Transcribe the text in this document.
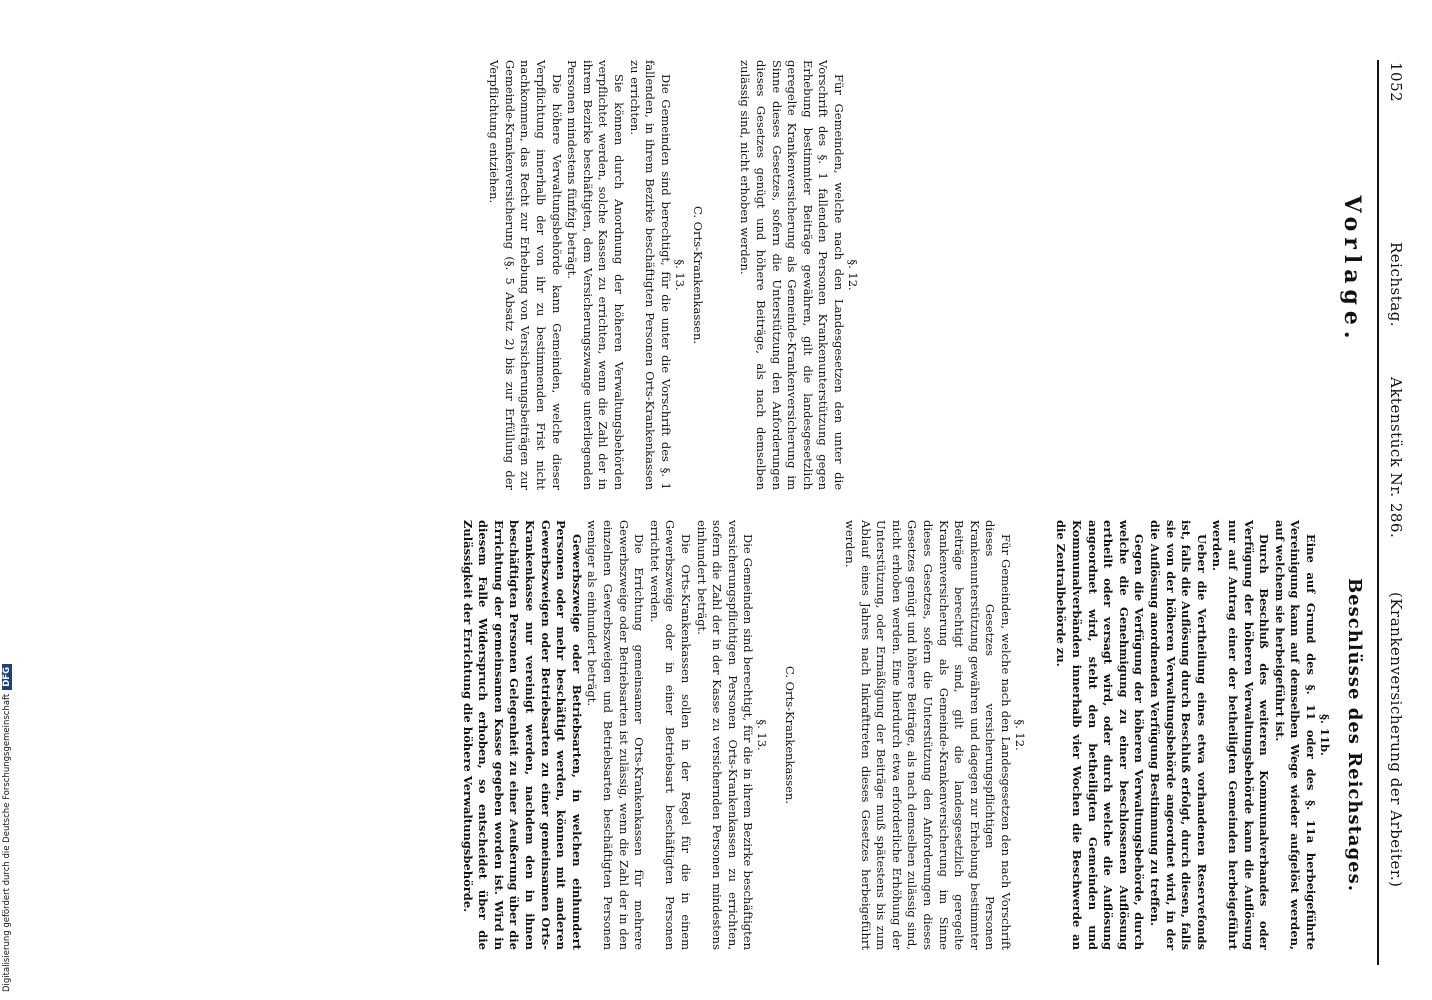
1052
Reichstag.
Aktenstück Nr. 286.
(Krankenversicherung der Arbeiter.)
Vorlage.
Beschlüsse des Reichstages.
§. 12.
Für Gemeinden, welche nach den Landesgesetzen den unter die Vorschrift des §. 1 fallenden Personen Krankenunterstützung gegen Erhebung bestimmter Beiträge gewähren, gilt die landesgesetzlich geregelte Krankenversicherung als Gemeinde-Krankenversicherung im Sinne dieses Gesetzes, sofern die Unterstützung den Anforderungen dieses Gesetzes genügt und höhere Beiträge, als nach demselben zulässig sind, nicht erhoben werden.
C. Orts-Krankenkassen.
§. 13.
Die Gemeinden sind berechtigt, für die unter die Vorschrift des §. 1 fallenden, in ihrem Bezirke beschäftigten Personen Orts-Krankenkassen zu errichten.
Sie können durch Anordnung der höheren Verwaltungsbehörden verpflichtet werden, solche Kassen zu errichten, wenn die Zahl der in ihrem Bezirke beschäftigten, dem Versicherungszwange unterliegenden Personen mindestens fünfzig beträgt.
Die höhere Verwaltungsbehörde kann Gemeinden, welche dieser Verpflichtung innerhalb der von ihr zu bestimmenden Frist nicht nachkommen, das Recht zur Erhebung von Versicherungsbeiträgen zur Gemeinde-Krankenversicherung (§. 5 Absatz 2) bis zur Erfüllung der Verpflichtung entziehen.
§. 11b.
Eine auf Grund des §. 11 oder des §. 11a herbeigeführte Vereinigung kann auf demselben Wege wieder aufgelöst werden, auf welchem sie herbeigeführt ist.
Durch Beschluß des weiteren Kommunalverbandes oder Verfügung der höheren Verwaltungsbehörde kann die Auflösung nur auf Antrag einer der betheiligten Gemeinden herbeigeführt werden.
Ueber die Vertheilung eines etwa vorhandenen Reservefonds ist, falls die Auflösung durch Beschluß erfolgt, durch diesen, falls sie von der höheren Verwaltungsbehörde angeordnet wird, in der die Auflösung anordnenden Verfügung Bestimmung zu treffen.
Gegen die Verfügung der höheren Verwaltungsbehörde, durch welche die Genehmigung zu einer beschlossenen Auflösung ertheilt oder versagt wird, oder durch welche die Auflösung angeordnet wird, steht den betheiligten Gemeinden und Kommunalverbänden innerhalb vier Wochen die Beschwerde an die Zentralbehörde zu.
§. 12.
Für Gemeinden, welche nach den Landesgesetzen den nach Vorschrift dieses Gesetzes versicherungspflichtigen Personen Krankenunterstützung gewähren und dagegen zur Erhebung bestimmter Beiträge berechtigt sind, gilt die landesgesetzlich geregelte Krankenversicherung als Gemeinde-Krankenversicherung im Sinne dieses Gesetzes, sofern die Unterstützung den Anforderungen dieses Gesetzes genügt und höhere Beiträge, als nach demselben zulässig sind, nicht erhoben werden. Eine hierdurch etwa erforderliche Erhöhung der Unterstützung, oder Ermäßigung der Beiträge muß spätestens bis zum Ablauf eines Jahres nach Inkrafttreten dieses Gesetzes herbeigeführt werden.
C. Orts-Krankenkassen.
§. 13.
Die Gemeinden sind berechtigt, für die in ihrem Bezirke beschäftigten versicherungspflichtigen Personen Orts-Krankenkassen zu errichten, sofern die Zahl der in der Kasse zu versichernden Personen mindestens einhundert beträgt.
Die Orts-Krankenkassen sollen in der Regel für die in einem Gewerbszweige oder in einer Betriebsart beschäftigten Personen errichtet werden.
Die Errichtung gemeinsamer Orts-Krankenkassen für mehrere Gewerbszweige oder Betriebsarten ist zulässig, wenn die Zahl der in den einzelnen Gewerbszweigen und Betriebsarten beschäftigten Personen weniger als einhundert beträgt.
Gewerbszweige oder Betriebsarten, in welchen einhundert Personen oder mehr beschäftigt werden, können mit anderen Gewerbszweigen oder Betriebsarten zu einer gemeinsamen Orts-Krankenkasse nur vereinigt werden, nachdem den in ihnen beschäftigten Personen Gelegenheit zu einer Aeußerung über die Errichtung der gemeinsamen Kasse gegeben worden ist. Wird in diesem Falle Widerspruch erhoben, so entscheidet über die Zulässigkeit der Errichtung die höhere Verwaltungsbehörde.
Digitalisierung gefördert durch die Deutsche ForschungsgemeinschaftDFG
